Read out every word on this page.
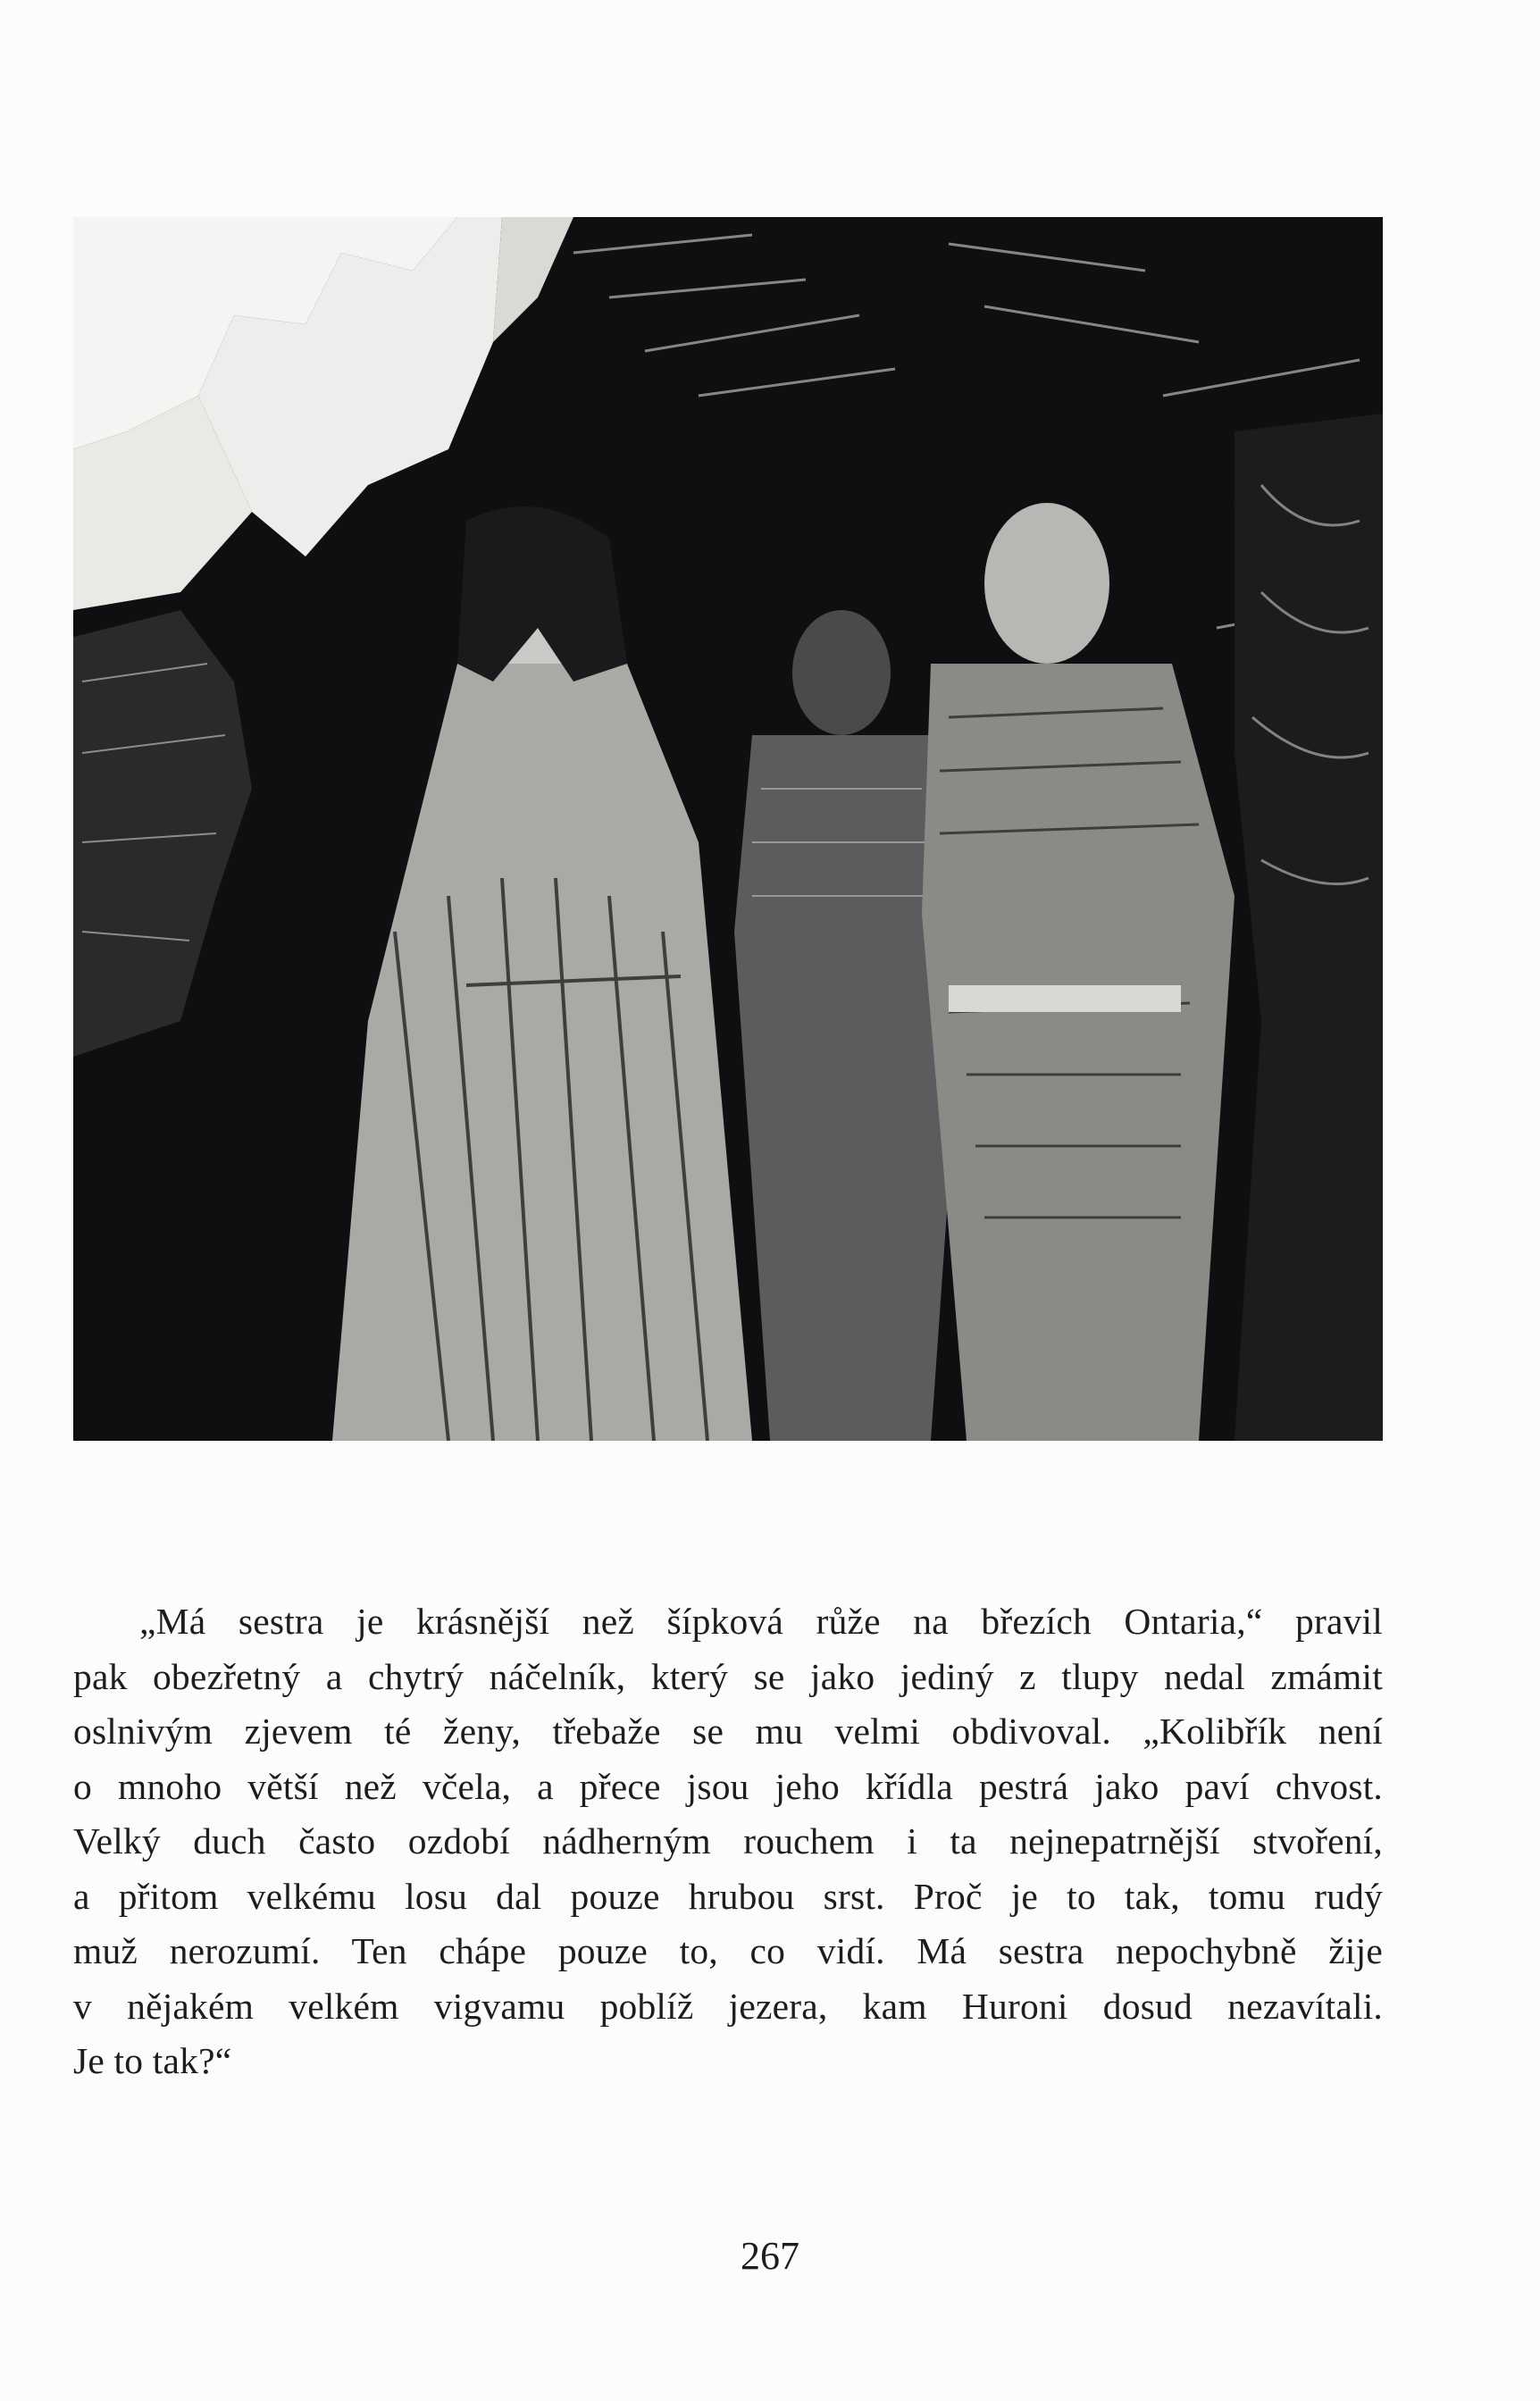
„Má sestra je krásnější než šípková růže na březích Ontaria,“ pravil
pak obezřetný a chytrý náčelník, který se jako jediný z tlupy nedal zmámit
oslnivým zjevem té ženy, třebaže se mu velmi obdivoval. „Kolibřík není
o mnoho větší než včela, a přece jsou jeho křídla pestrá jako paví chvost.
Velký duch často ozdobí nádherným rouchem i ta nejnepatrnější stvoření,
a přitom velkému losu dal pouze hrubou srst. Proč je to tak, tomu rudý
muž nerozumí. Ten chápe pouze to, co vidí. Má sestra nepochybně žije
v nějakém velkém vigvamu poblíž jezera, kam Huroni dosud nezavítali.
Je to tak?“
267
